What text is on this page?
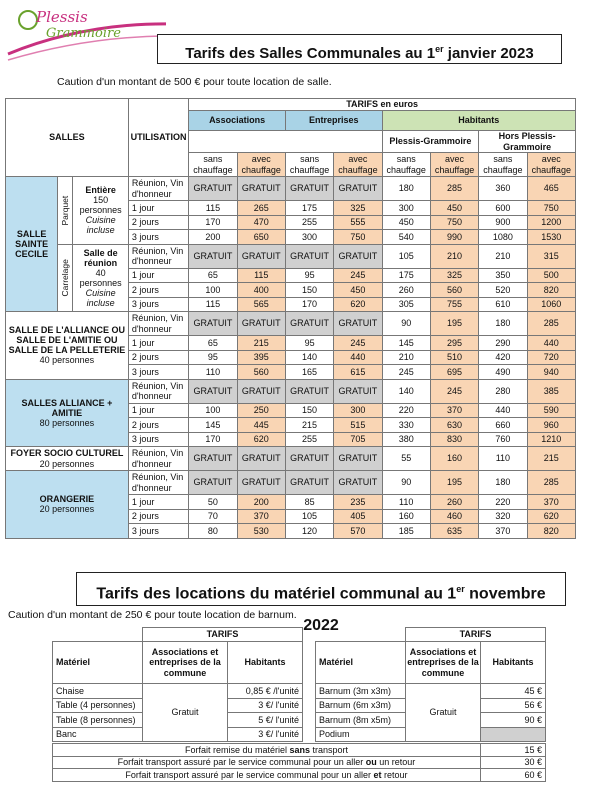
Plessis
Grammoire
Tarifs des Salles Communales au 1er janvier 2023
Caution d'un montant de 500 € pour toute location de salle.
SALLES			UTILISATION	TARIFS en euros							
				Associations		Entreprises		Habitants			
								Plessis-Grammoire		Hors Plessis-Grammoire	
				sans chauffage	avec chauffage	sans chauffage	avec chauffage	sans chauffage	avec chauffage	sans chauffage	avec chauffage
SALLE SAINTE CECILE	Parquet	Entière
150 personnes
Cuisine incluse	Réunion, Vin d'honneur	GRATUIT	GRATUIT	GRATUIT	GRATUIT	180	285	360	465
			1 jour	115	265	175	325	300	450	600	750
			2 jours	170	470	255	555	450	750	900	1200
			3 jours	200	650	300	750	540	990	1080	1530
	Carrelage	Salle de réunion
40 personnes
Cuisine incluse	Réunion, Vin d'honneur	GRATUIT	GRATUIT	GRATUIT	GRATUIT	105	210	210	315
			1 jour	65	115	95	245	175	325	350	500
			2 jours	100	400	150	450	260	560	520	820
			3 jours	115	565	170	620	305	755	610	1060

SALLE DE L'ALLIANCE OU SALLE DE L'AMITIE OU SALLE DE LA PELLETERIE
40 personnes			Réunion, Vin d'honneur	GRATUIT	GRATUIT	GRATUIT	GRATUIT	90	195	180	285
			1 jour	65	215	95	245	145	295	290	440
			2 jours	95	395	140	440	210	510	420	720
			3 jours	110	560	165	615	245	695	490	940

SALLES ALLIANCE + AMITIE
80 personnes			Réunion, Vin d'honneur	GRATUIT	GRATUIT	GRATUIT	GRATUIT	140	245	280	385
			1 jour	100	250	150	300	220	370	440	590
			2 jours	145	445	215	515	330	630	660	960
			3 jours	170	620	255	705	380	830	760	1210

FOYER SOCIO CULTUREL
20 personnes			Réunion, Vin d'honneur	GRATUIT	GRATUIT	GRATUIT	GRATUIT	55	160	110	215

ORANGERIE
20 personnes			Réunion, Vin d'honneur	GRATUIT	GRATUIT	GRATUIT	GRATUIT	90	195	180	285
			1 jour	50	200	85	235	110	260	220	370
			2 jours	70	370	105	405	160	460	320	620
			3 jours	80	530	120	570	185	635	370	820
Tarifs des locations du matériel communal au 1er novembre 2022
Caution d'un montant de 250 € pour toute location de barnum.
	TARIFS	
Matériel	Associations et entreprises de la commune	Habitants
Chaise	Gratuit	0,85 € /l'unité
Table (4 personnes)		3 €/ l'unité
Table (8 personnes)		5 €/ l'unité
Banc		3 €/ l'unité
	TARIFS	
Matériel	Associations et entreprises de la commune	Habitants
Barnum (3m x3m)	Gratuit	45 €
Barnum (6m x3m)		56 €
Barnum (8m x5m)		90 €
Podium		
Forfait remise du matériel sans transport	15 €
Forfait transport assuré par le service communal pour un aller ou un retour	30 €
Forfait transport assuré par le service communal pour un aller et retour	60 €
